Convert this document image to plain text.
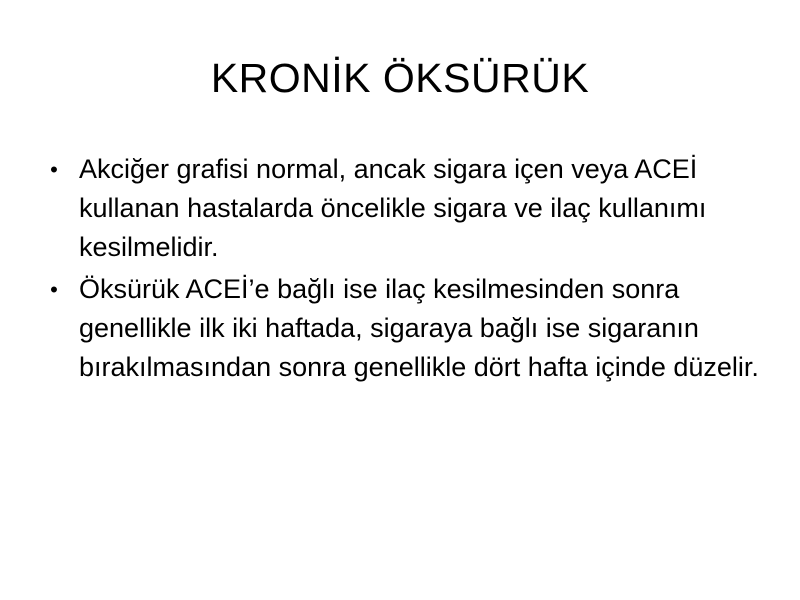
KRONİK ÖKSÜRÜK
• Akciğer grafisi normal, ancak sigara içen veya ACEİ kullanan hastalarda öncelikle sigara ve ilaç kullanımı kesilmelidir.
• Öksürük ACEİ’e bağlı ise ilaç kesilmesinden sonra genellikle ilk iki haftada, sigaraya bağlı ise sigaranın bırakılmasından sonra genellikle dört hafta içinde düzelir.
